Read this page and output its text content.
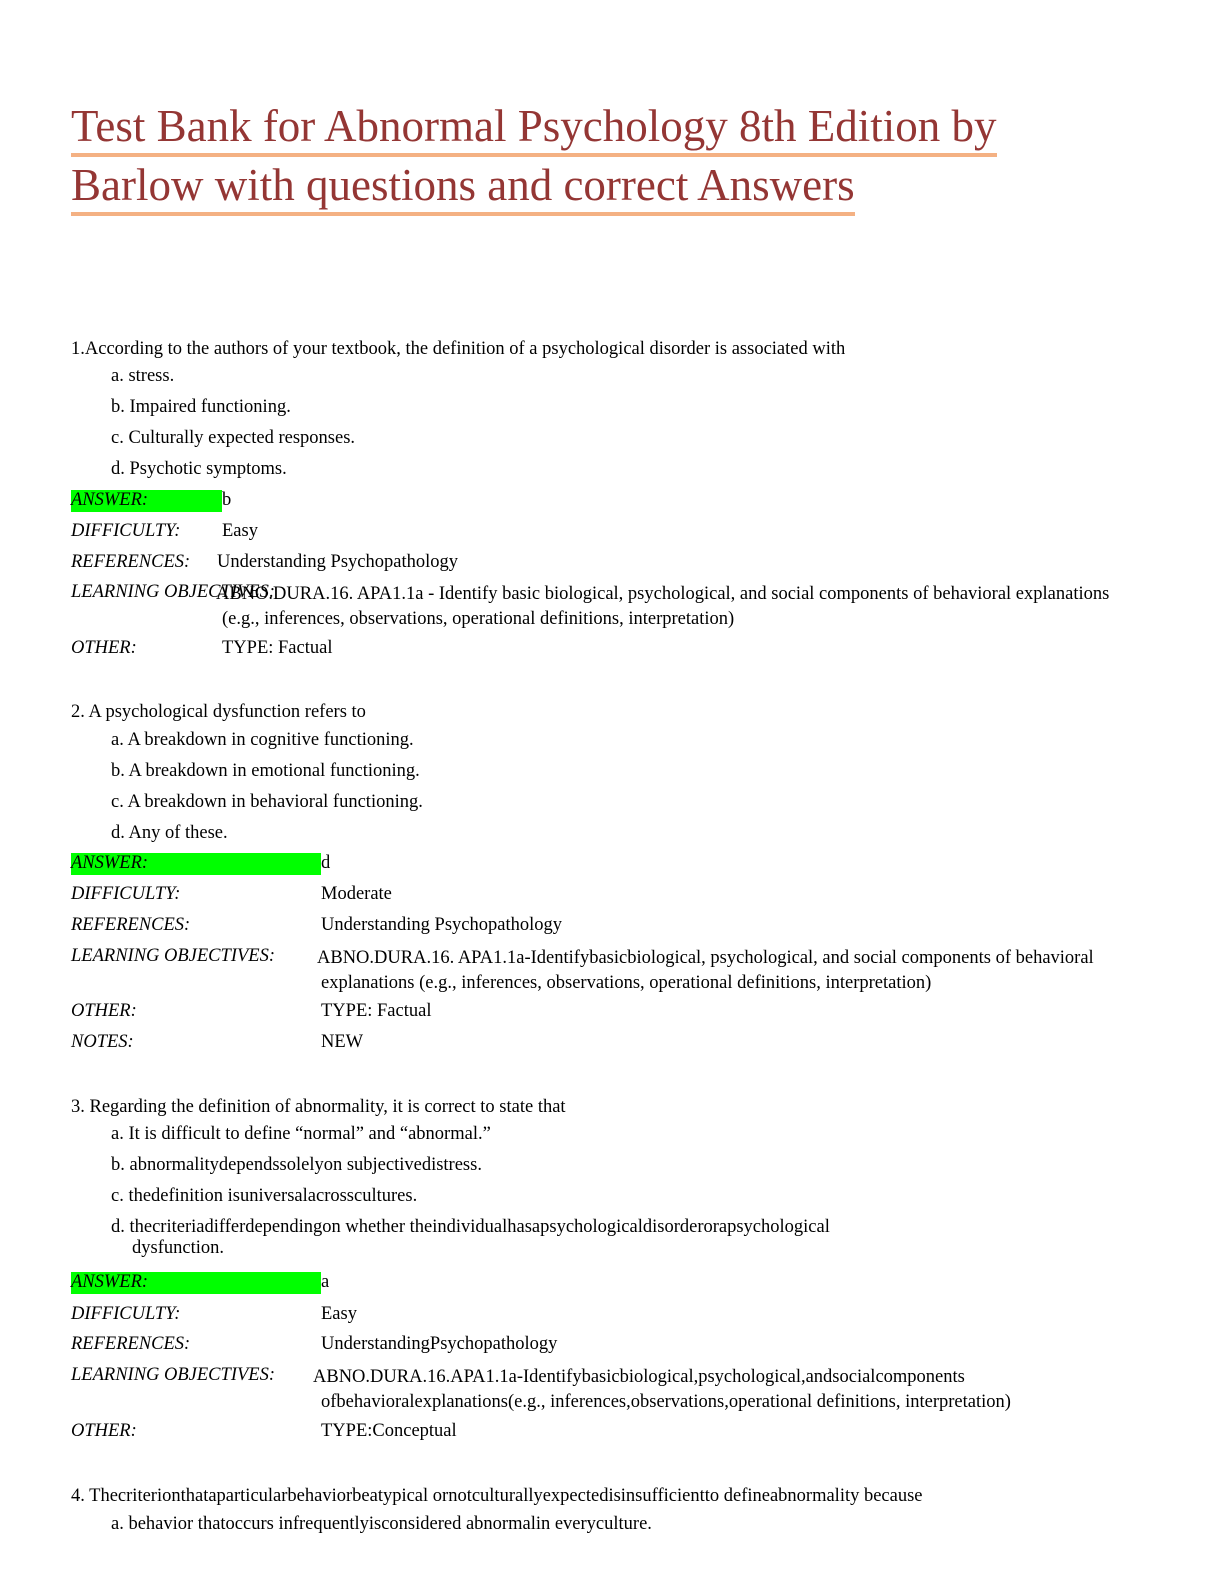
Test Bank for Abnormal Psychology 8th Edition by
Barlow with questions and correct Answers
1.According to the authors of your textbook, the definition of a psychological disorder is associated with
a. stress.
b. Impaired functioning.
c. Culturally expected responses.
d. Psychotic symptoms.
ANSWER:	b
DIFFICULTY: Easy
REFERENCES: Understanding Psychopathology
LEARNING OBJECTIVES:
ABNO.DURA.16. APA1.1a - Identify basic biological, psychological, and social components of behavioral explanations (e.g., inferences, observations, operational definitions, interpretation)
OTHER:	TYPE: Factual
2. A psychological dysfunction refers to
a. A breakdown in cognitive functioning.
b. A breakdown in emotional functioning.
c. A breakdown in behavioral functioning.
d. Any of these.
ANSWER:	d
DIFFICULTY:	Moderate
REFERENCES:	Understanding Psychopathology
LEARNING OBJECTIVES: ABNO.DURA.16. APA1.1a-Identifybasicbiological, psychological, and social components of behavioral explanations (e.g., inferences, observations, operational definitions, interpretation)
OTHER:	TYPE: Factual
NOTES:	NEW
3. Regarding the definition of abnormality, it is correct to state that
a. It is difficult to define “normal” and “abnormal.”
b. abnormalitydependssolelyon subjectivedistress.
c. thedefinition isuniversalacrosscultures.
d. thecriteriadifferdependingon whether theindividualhasapsychologicaldisorderorapsychological
dysfunction.
ANSWER:	a
DIFFICULTY:	Easy
REFERENCES:	UnderstandingPsychopathology
LEARNING OBJECTIVES: ABNO.DURA.16.APA1.1a-Identifybasicbiological,psychological,andsocialcomponents ofbehavioralexplanations(e.g., inferences,observations,operational definitions, interpretation)
OTHER:	TYPE:Conceptual
4. Thecriterionthataparticularbehaviorbeatypical ornotculturallyexpectedisinsufficientto defineabnormality because
a. behavior thatoccurs infrequentlyisconsidered abnormalin everyculture.
